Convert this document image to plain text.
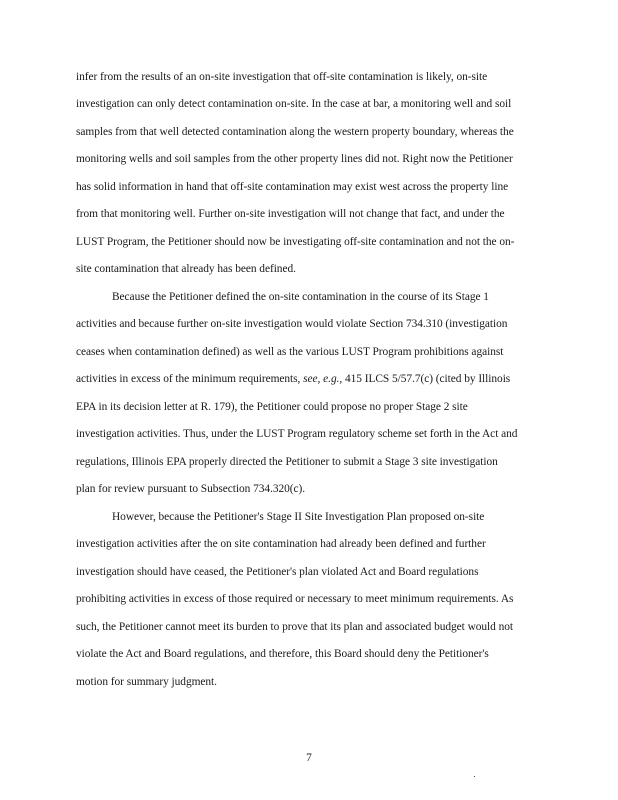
infer from the results of an on-site investigation that off-site contamination is likely, on-site
investigation can only detect contamination on-site. In the case at bar, a monitoring well and soil
samples from that well detected contamination along the western property boundary, whereas the
monitoring wells and soil samples from the other property lines did not. Right now the Petitioner
has solid information in hand that off-site contamination may exist west across the property line
from that monitoring well. Further on-site investigation will not change that fact, and under the
LUST Program, the Petitioner should now be investigating off-site contamination and not the on-
site contamination that already has been defined.
Because the Petitioner defined the on-site contamination in the course of its Stage 1
activities and because further on-site investigation would violate Section 734.310 (investigation
ceases when contamination defined) as well as the various LUST Program prohibitions against
activities in excess of the minimum requirements, see, e.g., 415 ILCS 5/57.7(c) (cited by Illinois
EPA in its decision letter at R. 179), the Petitioner could propose no proper Stage 2 site
investigation activities. Thus, under the LUST Program regulatory scheme set forth in the Act and
regulations, Illinois EPA properly directed the Petitioner to submit a Stage 3 site investigation
plan for review pursuant to Subsection 734.320(c).
However, because the Petitioner's Stage II Site Investigation Plan proposed on-site
investigation activities after the on site contamination had already been defined and further
investigation should have ceased, the Petitioner's plan violated Act and Board regulations
prohibiting activities in excess of those required or necessary to meet minimum requirements. As
such, the Petitioner cannot meet its burden to prove that its plan and associated budget would not
violate the Act and Board regulations, and therefore, this Board should deny the Petitioner's
motion for summary judgment.
7
